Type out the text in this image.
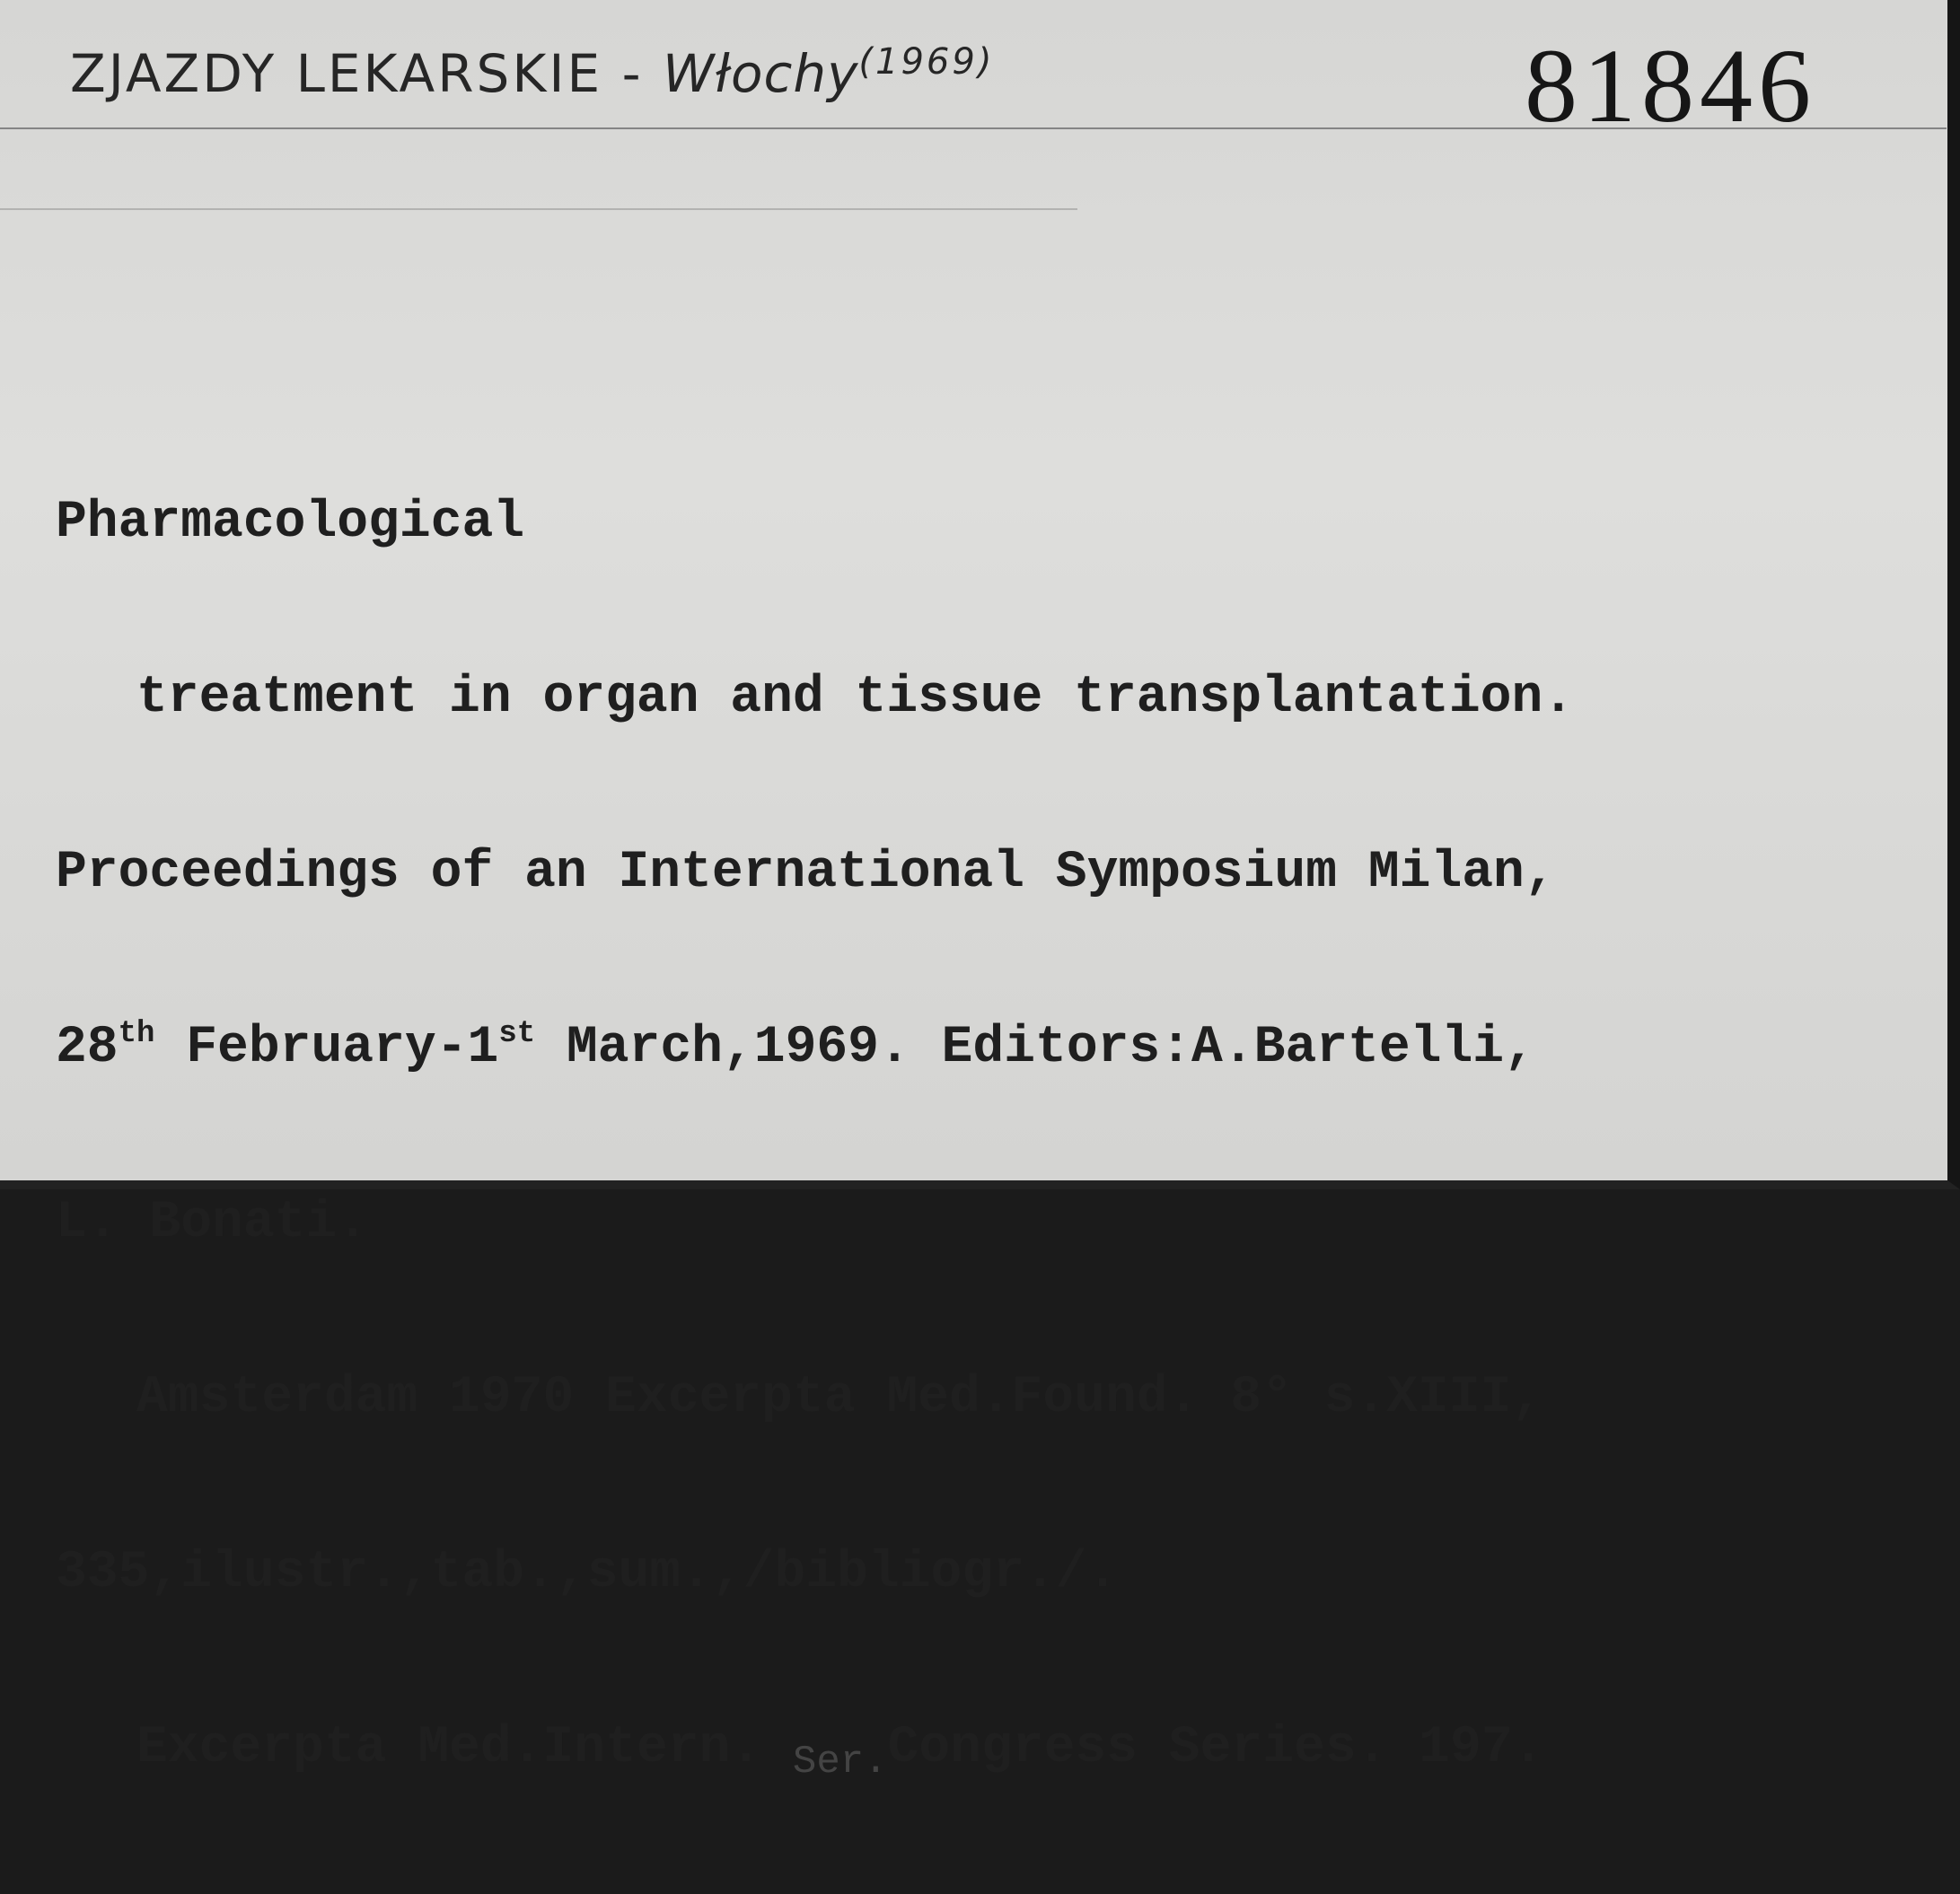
ZJAZDY LEKARSKIE - Włochy$^{(1969)}$	81846

Pharmacological

treatment in organ and tissue transplantation.

Proceedings of an International Symposium Milan,

28th February-1st March,1969. Editors:A.Bartelli,

L. Bonati.

Amsterdam 1970 Excerpta Med.Found. 8° s.XIII,

335,ilustr.,tab.,sum.,/bibliogr./.

Excerpta Med.Intern. $_{Ser.}$Congress Series. 197.
